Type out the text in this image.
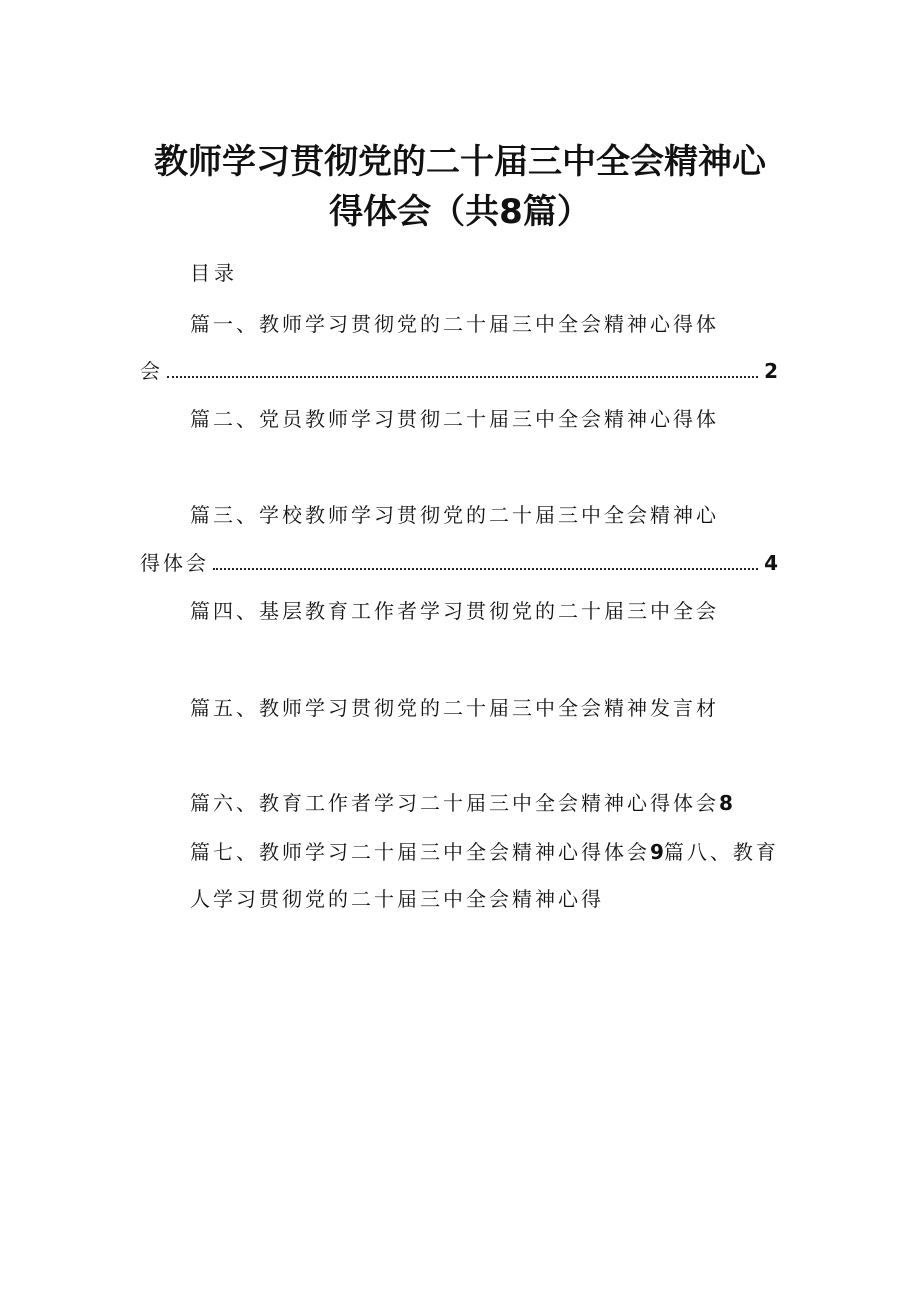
教师学习贯彻党的二十届三中全会精神心
得体会（共8篇）
目录
篇一、教师学习贯彻党的二十届三中全会精神心得体
会	2
篇二、党员教师学习贯彻二十届三中全会精神心得体
篇三、学校教师学习贯彻党的二十届三中全会精神心
得体会	4
篇四、基层教育工作者学习贯彻党的二十届三中全会
篇五、教师学习贯彻党的二十届三中全会精神发言材
篇六、教育工作者学习二十届三中全会精神心得体会8
篇七、教师学习二十届三中全会精神心得体会9篇八、教育
人学习贯彻党的二十届三中全会精神心得
